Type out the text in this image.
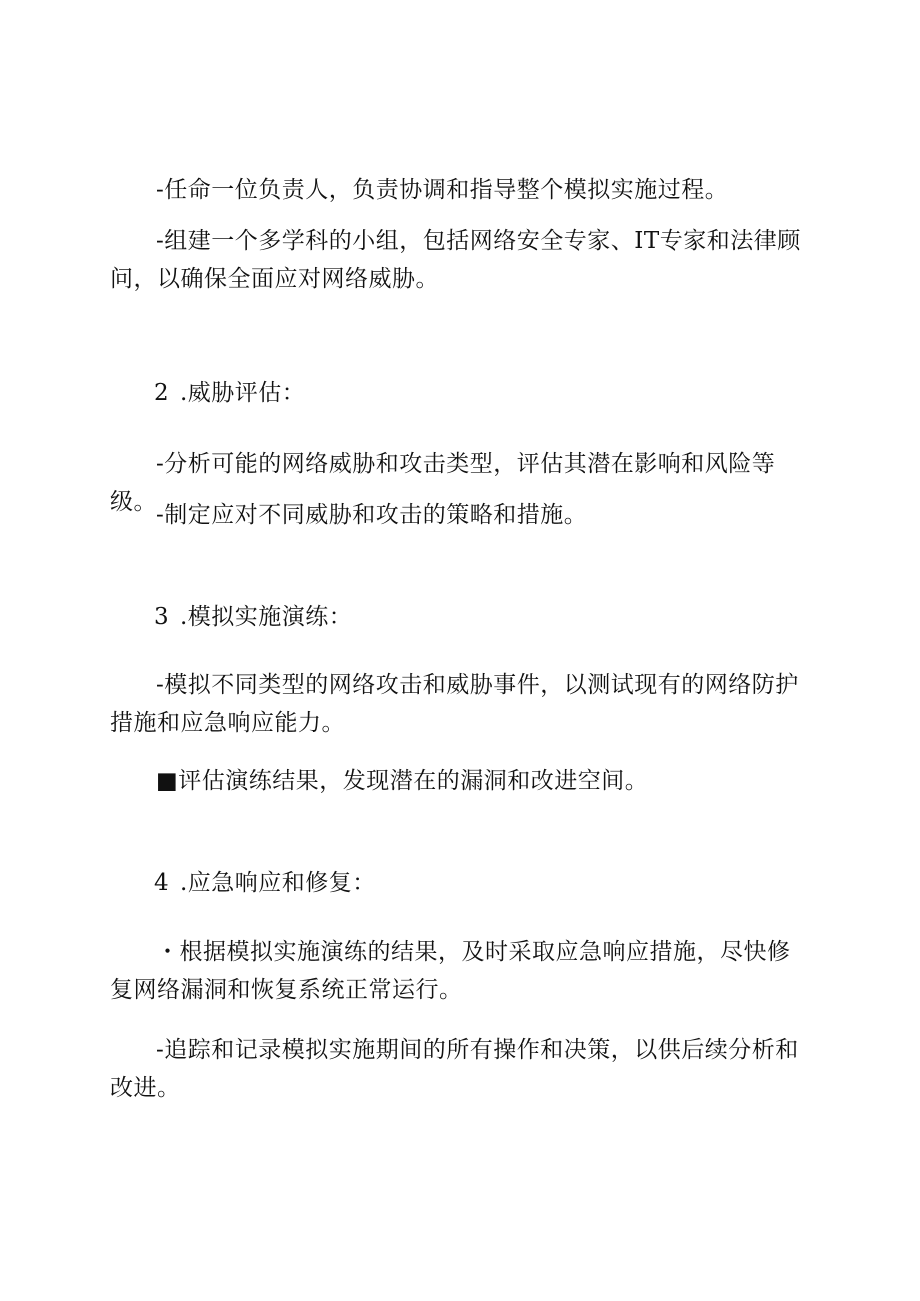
-任命一位负责人，负责协调和指导整个模拟实施过程。

-组建一个多学科的小组，包括网络安全专家、IT专家和法律顾问，以确保全面应对网络威胁。

2 .威胁评估：

-分析可能的网络威胁和攻击类型，评估其潜在影响和风险等级。 -制定应对不同威胁和攻击的策略和措施。

3 .模拟实施演练：

-模拟不同类型的网络攻击和威胁事件，以测试现有的网络防护措施和应急响应能力。

■评估演练结果，发现潜在的漏洞和改进空间。

4 .应急响应和修复：

・根据模拟实施演练的结果，及时采取应急响应措施，尽快修复网络漏洞和恢复系统正常运行。

-追踪和记录模拟实施期间的所有操作和决策，以供后续分析和改进。
